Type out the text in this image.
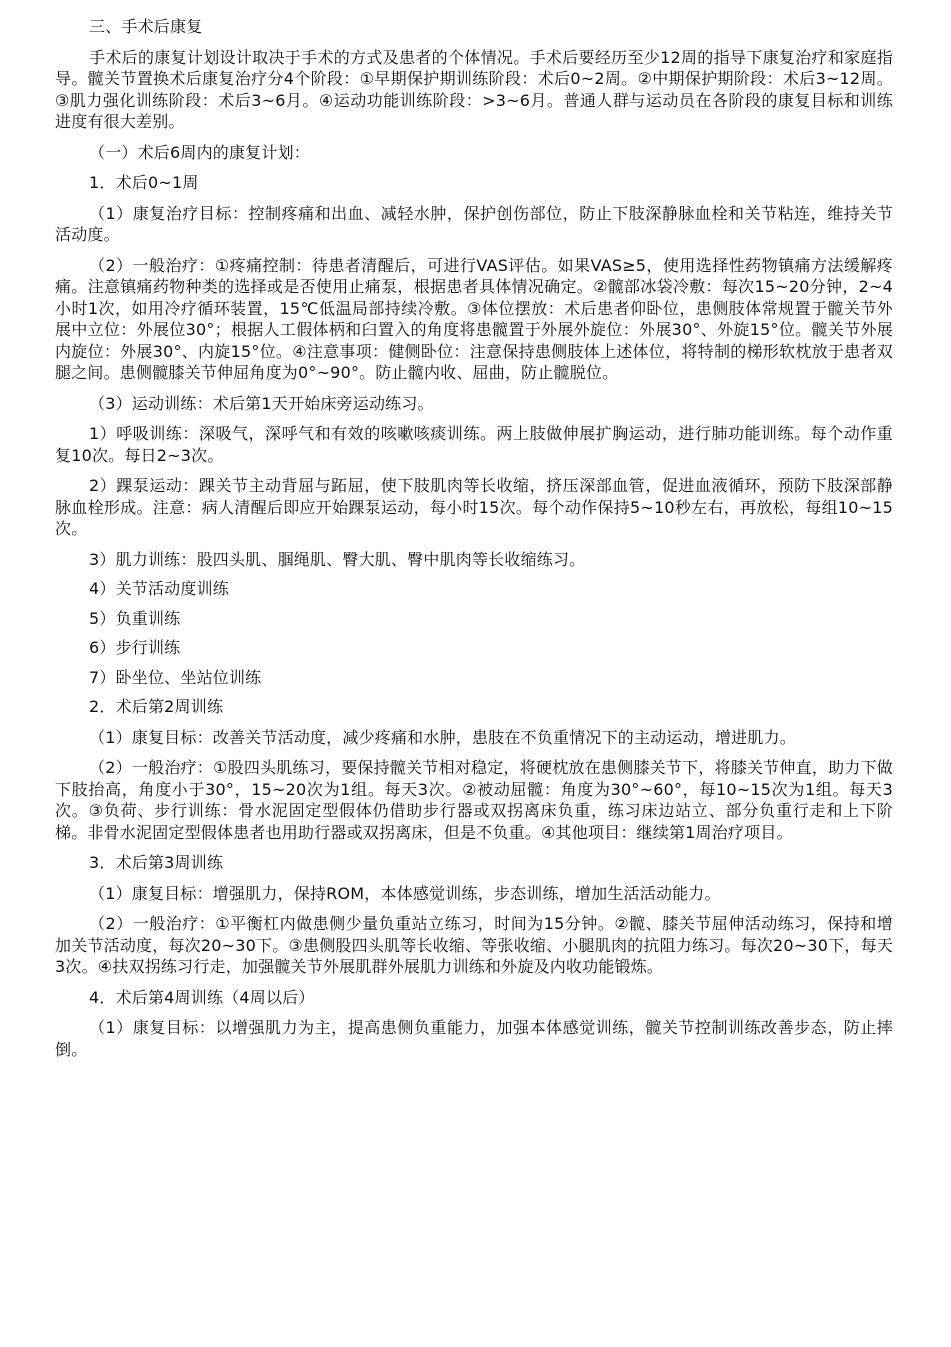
三、手术后康复

手术后的康复计划设计取决于手术的方式及患者的个体情况。手术后要经历至少12周的指导下康复治疗和家庭指导。髋关节置换术后康复治疗分4个阶段：①早期保护期训练阶段：术后0~2周。②中期保护期阶段：术后3~12周。③肌力强化训练阶段：术后3~6月。④运动功能训练阶段：>3~6月。普通人群与运动员在各阶段的康复目标和训练进度有很大差别。

（一）术后6周内的康复计划：

1．术后0~1周

（1）康复治疗目标：控制疼痛和出血、减轻水肿，保护创伤部位，防止下肢深静脉血栓和关节粘连，维持关节活动度。

（2）一般治疗：①疼痛控制：待患者清醒后，可进行VAS评估。如果VAS≥5，使用选择性药物镇痛方法缓解疼痛。注意镇痛药物种类的选择或是否使用止痛泵，根据患者具体情况确定。②髋部冰袋冷敷：每次15~20分钟，2~4小时1次，如用冷疗循环装置，15℃低温局部持续冷敷。③体位摆放：术后患者仰卧位，患侧肢体常规置于髋关节外展中立位：外展位30°；根据人工假体柄和臼置入的角度将患髋置于外展外旋位：外展30°、外旋15°位。髋关节外展内旋位：外展30°、内旋15°位。④注意事项：健侧卧位：注意保持患侧肢体上述体位，将特制的梯形软枕放于患者双腿之间。患侧髋膝关节伸屈角度为0°~90°。防止髋内收、屈曲，防止髋脱位。

（3）运动训练：术后第1天开始床旁运动练习。

1）呼吸训练：深吸气，深呼气和有效的咳嗽咳痰训练。两上肢做伸展扩胸运动，进行肺功能训练。每个动作重复10次。每日2~3次。

2）踝泵运动：踝关节主动背屈与跖屈，使下肢肌肉等长收缩，挤压深部血管，促进血液循环，预防下肢深部静脉血栓形成。注意：病人清醒后即应开始踝泵运动，每小时15次。每个动作保持5~10秒左右，再放松，每组10~15次。

3）肌力训练：股四头肌、腘绳肌、臀大肌、臀中肌肉等长收缩练习。

4）关节活动度训练

5）负重训练

6）步行训练

7）卧坐位、坐站位训练

2．术后第2周训练

（1）康复目标：改善关节活动度，减少疼痛和水肿，患肢在不负重情况下的主动运动，增进肌力。

（2）一般治疗：①股四头肌练习，要保持髋关节相对稳定，将硬枕放在患侧膝关节下，将膝关节伸直，助力下做下肢抬高，角度小于30°，15~20次为1组。每天3次。②被动屈髋：角度为30°~60°，每10~15次为1组。每天3次。③负荷、步行训练：骨水泥固定型假体仍借助步行器或双拐离床负重，练习床边站立、部分负重行走和上下阶梯。非骨水泥固定型假体患者也用助行器或双拐离床，但是不负重。④其他项目：继续第1周治疗项目。

3．术后第3周训练

（1）康复目标：增强肌力，保持ROM，本体感觉训练，步态训练，增加生活活动能力。

（2）一般治疗：①平衡杠内做患侧少量负重站立练习，时间为15分钟。②髋、膝关节屈伸活动练习，保持和增加关节活动度，每次20~30下。③患侧股四头肌等长收缩、等张收缩、小腿肌肉的抗阻力练习。每次20~30下，每天3次。④扶双拐练习行走，加强髋关节外展肌群外展肌力训练和外旋及内收功能锻炼。

4．术后第4周训练（4周以后）

（1）康复目标：以增强肌力为主，提高患侧负重能力，加强本体感觉训练，髋关节控制训练改善步态，防止摔倒。
